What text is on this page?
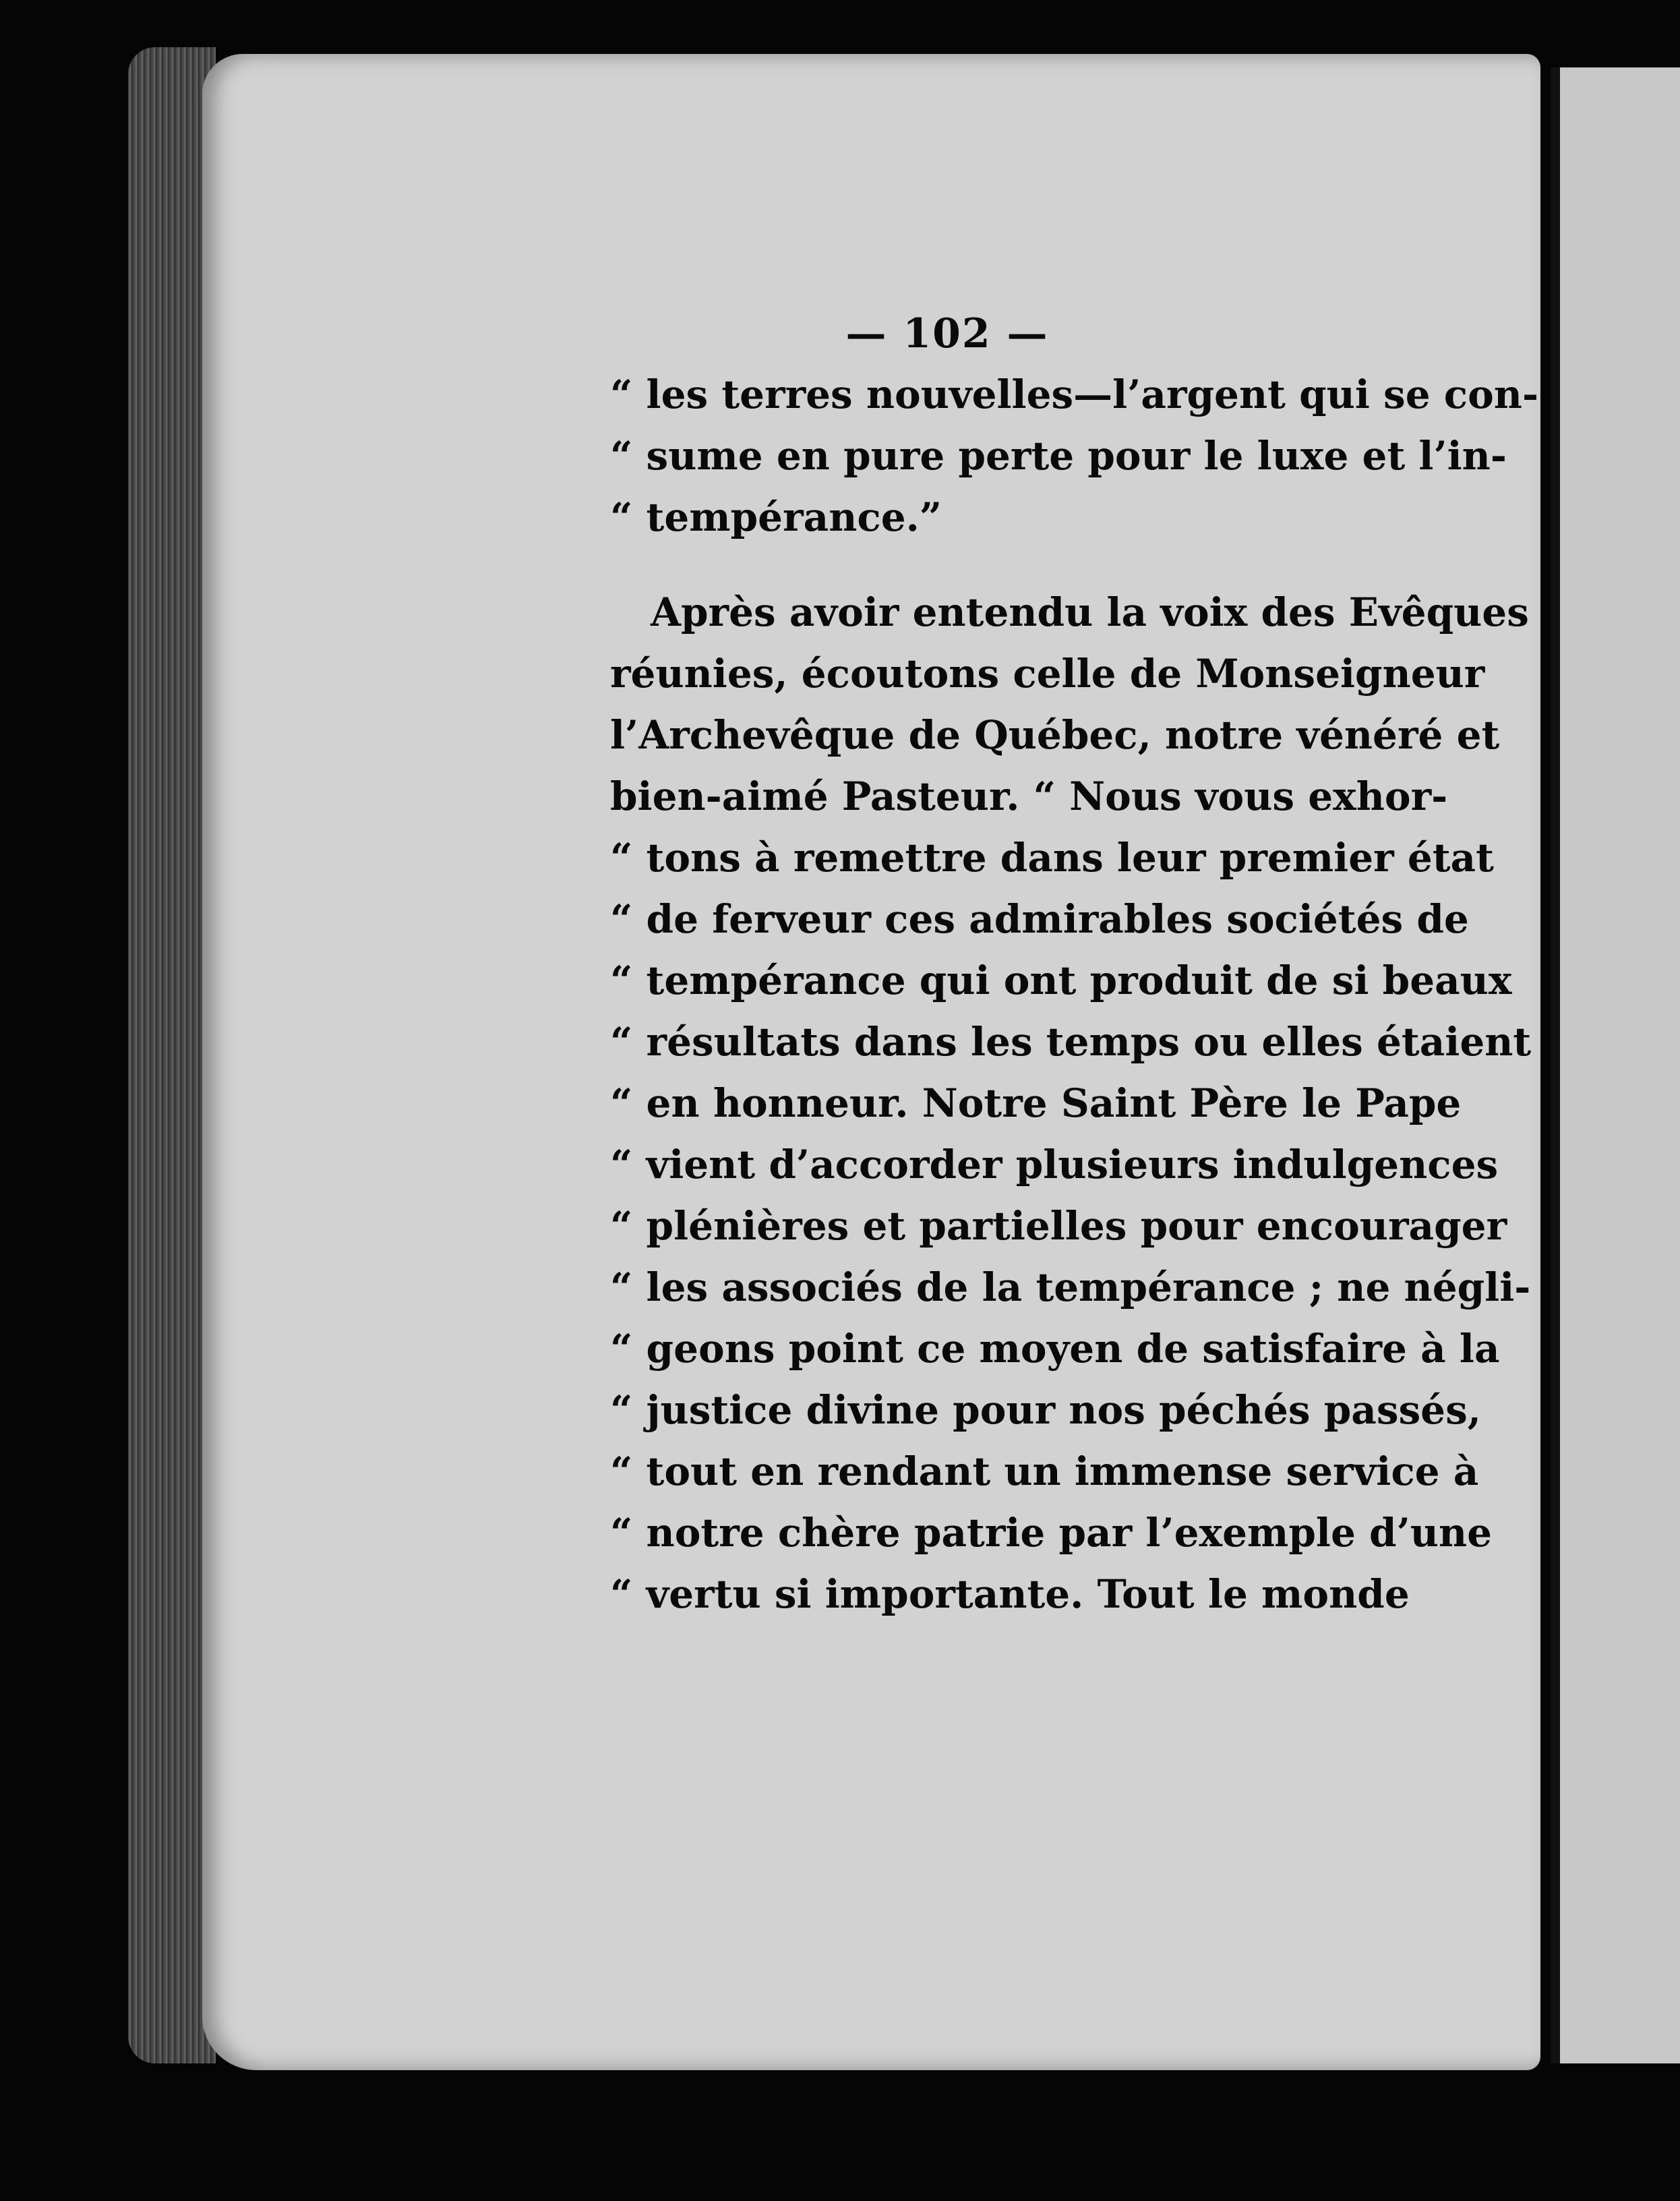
— 102 —
“ les terres nouvelles—l’argent qui se con-
“ sume en pure perte pour le luxe et l’in-
“ tempérance.”
Après avoir entendu la voix des Evêques
réunies, écoutons celle de Monseigneur
l’Archevêque de Québec, notre vénéré et
bien-aimé Pasteur. “ Nous vous exhor-
“ tons à remettre dans leur premier état
“ de ferveur ces admirables sociétés de
“ tempérance qui ont produit de si beaux
“ résultats dans les temps ou elles étaient
“ en honneur. Notre Saint Père le Pape
“ vient d’accorder plusieurs indulgences
“ plénières et partielles pour encourager
“ les associés de la tempérance ; ne négli-
“ geons point ce moyen de satisfaire à la
“ justice divine pour nos péchés passés,
“ tout en rendant un immense service à
“ notre chère patrie par l’exemple d’une
“ vertu si importante. Tout le monde
